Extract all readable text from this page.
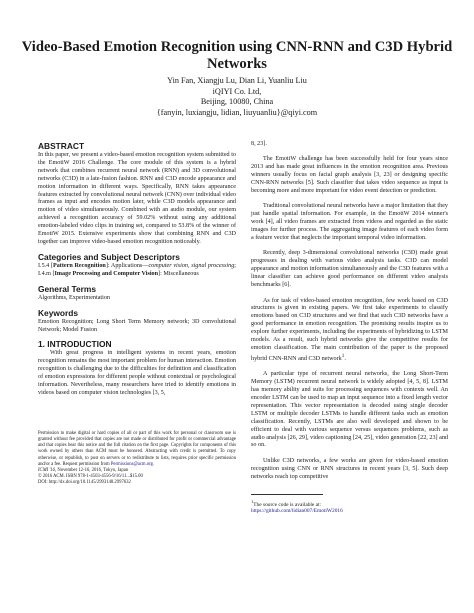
Video-Based Emotion Recognition using CNN-RNN and C3D Hybrid Networks
Yin Fan, Xiangju Lu, Dian Li, Yuanliu Liu
iQIYI Co. Ltd,
Beijing, 10080, China
{fanyin, luxiangju, lidian, liuyuanliu}@qiyi.com
ABSTRACT

In this paper, we present a video-based emotion recognition system submitted to the EmotiW 2016 Challenge. The core module of this system is a hybrid network that combines recurrent neural network (RNN) and 3D convolutional networks (C3D) in a late-fusion fashion. RNN and C3D encode appearance and motion information in different ways. Specifically, RNN takes appearance features extracted by convolutional neural network (CNN) over individual video frames as input and encodes motion later, while C3D models appearance and motion of video simultaneously. Combined with an audio module, our system achieved a recognition accuracy of 59.02% without using any additional emotion-labeled video clips in training set, compared to 53.8% of the winner of EmotiW 2015. Extensive experiments show that combining RNN and C3D together can improve video-based emotion recognition noticeably.

Categories and Subject Descriptors

I.5.4 [Pattern Recognition]: Applications—computer vision, signal processing; I.4.m [Image Processing and Computer Vision]: Miscellaneous

General Terms

Algorithms, Experimentation

Keywords

Emotion Recognition; Long Short Term Memory network; 3D convolutional Network; Model Fusion

1. INTRODUCTION

With great progress in intelligent systems in recent years, emotion recognition remains the most important problem for human interaction. Emotion recognition is challenging due to the difficulties for definition and classification of emotion expressions for different people without contextual or psychological information. Nevertheless, many researchers have tried to identify emotions in videos based on computer vision technologies [3, 5,

Permission to make digital or hard copies of all or part of this work for personal or classroom use is granted without fee provided that copies are not made or distributed for profit or commercial advantage and that copies bear this notice and the full citation on the first page. Copyrights for components of this work owned by others than ACM must be honored. Abstracting with credit is permitted. To copy otherwise, or republish, to post on servers or to redistribute to lists, requires prior specific permission and/or a fee. Request permission from Permissions@acm.org.

ICMI '16, November 12-16, 2016, Tokyo, Japan
© 2016 ACM. ISBN 978-1-4503-4556-9/16/11...$15.00
DOI: http://dx.doi.org/10.1145/2993148.2997632

8, 23].

The EmotiW challenge has been successfully held for four years since 2013 and has made great influences in the emotion recognition area. Previous winners usually focus on facial graph analysis [3, 23] or designing specific CNN-RNN networks [5]. Such classifier that takes video sequence as input is becoming more and more important for video event detection or prediction.

Traditional convolutional neural networks have a major limitation that they just handle spatial information. For example, in the EmotiW 2014 winner's work [4], all video frames are extracted from videos and regarded as the static images for further process. The aggregating image features of each video form a feature vector that neglects the important temporal video information.

Recently, deep 3-dimensional convolutional networks (C3D) made great progresses in dealing with various video analysis tasks. C3D can model appearance and motion information simultaneously and the C3D features with a linear classifier can achieve good performance on different video analysis benchmarks [6].

As for task of video-based emotion recognition, few work based on C3D structures is given in existing papers. We first take experiments to classify emotions based on C3D structures and we find that such C3D networks have a good performance in emotion recognition. The promising results inspire us to explore further experiments, including the experiments of hybridizing to LSTM models. As a result, such hybrid networks give the competitive results for emotion classification. The main contribution of the paper is the proposed hybrid CNN-RNN and C3D network$^1$.

A particular type of recurrent neural networks, the Long Short-Term Memory (LSTM) recurrent neural network is widely adopted [4, 5, 8]. LSTM has memory ability and suits for processing sequences with contexts well. An encoder LSTM can be used to map an input sequence into a fixed length vector representation. This vector representation is decoded using single decoder LSTM or multiple decoder LSTMs to handle different tasks such as emotion classification. Recently, LSTMs are also well developed and shown to be efficient to deal with various sequence versus sequences problems, such as audio analysis [26, 29], video captioning [24, 25], video generation [22, 23] and so on.

Unlike C3D networks, a few works are given for video-based emotion recognition using CNN or RNN structures in recent years [3, 5]. Such deep networks reach top competitive

$^1$The source code is available at:
https://github.com/lidian007/EmotiW2016
